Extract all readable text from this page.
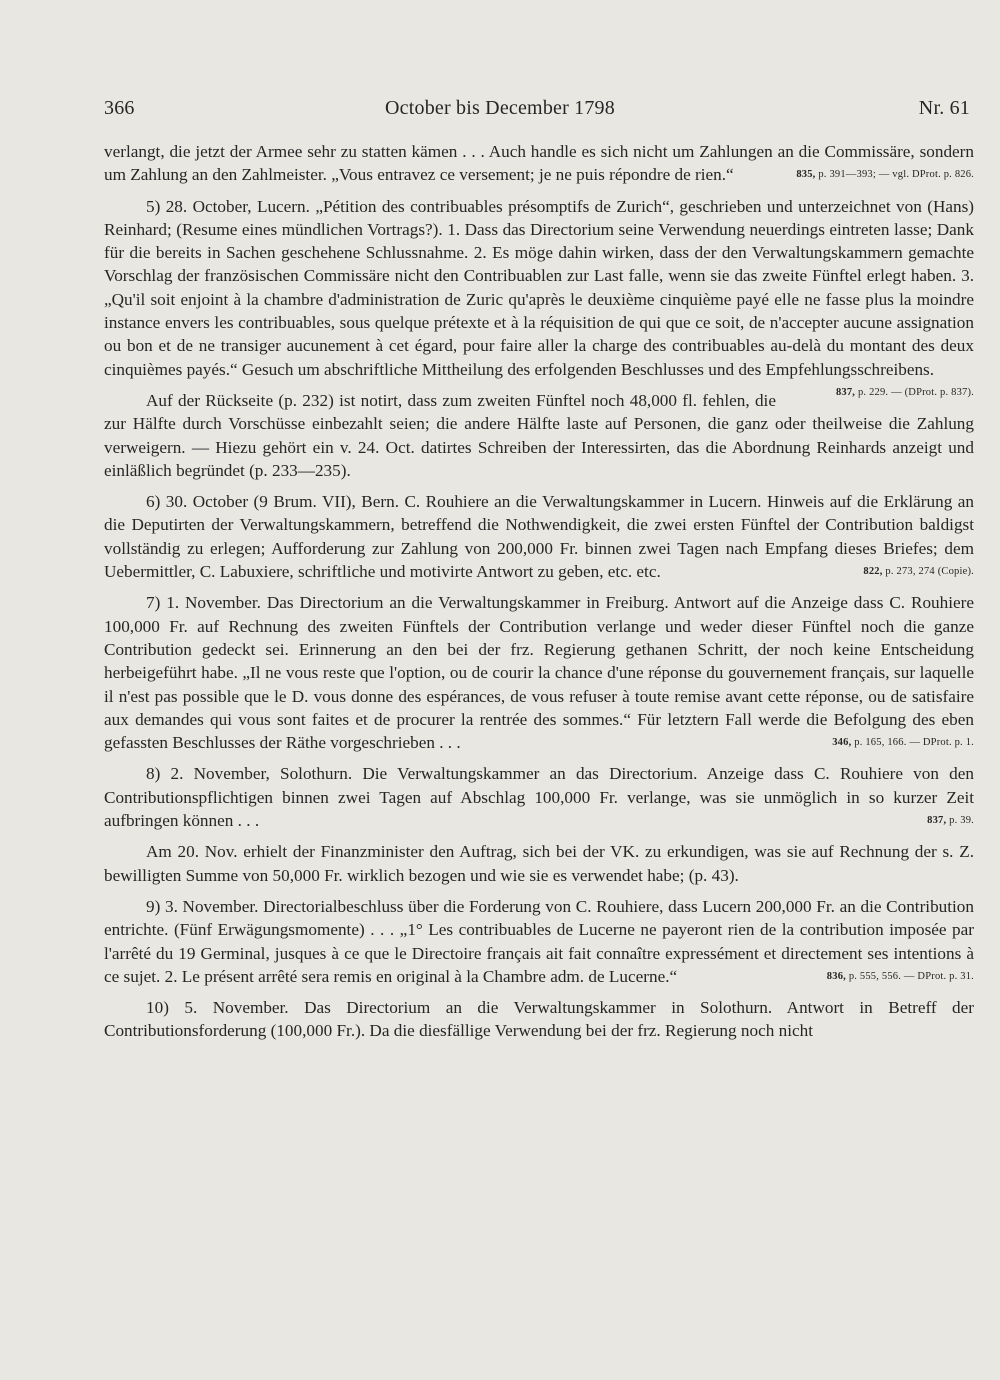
October bis December 1798
366	Nr. 61

verlangt, die jetzt der Armee sehr zu statten kämen . . . Auch handle es sich nicht um Zahlungen an die Commissäre, sondern um Zahlung an den Zahlmeister. „Vous entravez ce versement; je ne puis répondre de rien.“	835, p. 391—393; — vgl. DProt. p. 826.

5) 28. October, Lucern. „Pétition des contribuables présomptifs de Zurich“, geschrieben und unterzeichnet von (Hans) Reinhard; (Resume eines mündlichen Vortrags?). 1. Dass das Directorium seine Verwendung neuerdings eintreten lasse; Dank für die bereits in Sachen geschehene Schlussnahme. 2. Es möge dahin wirken, dass der den Verwaltungskammern gemachte Vorschlag der französischen Commissäre nicht den Contribuablen zur Last falle, wenn sie das zweite Fünftel erlegt haben. 3. „Qu'il soit enjoint à la chambre d'administration de Zuric qu'après le deuxième cinquième payé elle ne fasse plus la moindre instance envers les contribuables, sous quelque prétexte et à la réquisition de qui que ce soit, de n'accepter aucune assignation ou bon et de ne transiger aucunement à cet égard, pour faire aller la charge des contribuables au-delà du montant des deux cinquièmes payés.“ Gesuch um abschriftliche Mittheilung des erfolgenden Beschlusses und des Empfehlungsschreibens.
837, p. 229. — (DProt. p. 837).

Auf der Rückseite (p. 232) ist notirt, dass zum zweiten Fünftel noch 48,000 fl. fehlen, die zur Hälfte durch Vorschüsse einbezahlt seien; die andere Hälfte laste auf Personen, die ganz oder theilweise die Zahlung verweigern. — Hiezu gehört ein v. 24. Oct. datirtes Schreiben der Interessirten, das die Abordnung Reinhards anzeigt und einläßlich begründet (p. 233—235).

6) 30. October (9 Brum. VII), Bern. C. Rouhiere an die Verwaltungskammer in Lucern. Hinweis auf die Erklärung an die Deputirten der Verwaltungskammern, betreffend die Nothwendigkeit, die zwei ersten Fünftel der Contribution baldigst vollständig zu erlegen; Aufforderung zur Zahlung von 200,000 Fr. binnen zwei Tagen nach Empfang dieses Briefes; dem Uebermittler, C. Labuxiere, schriftliche und motivirte Antwort zu geben, etc. etc.	822, p. 273, 274 (Copie).

7) 1. November. Das Directorium an die Verwaltungskammer in Freiburg. Antwort auf die Anzeige dass C. Rouhiere 100,000 Fr. auf Rechnung des zweiten Fünftels der Contribution verlange und weder dieser Fünftel noch die ganze Contribution gedeckt sei. Erinnerung an den bei der frz. Regierung gethanen Schritt, der noch keine Entscheidung herbeigeführt habe. „Il ne vous reste que l'option, ou de courir la chance d'une réponse du gouvernement français, sur laquelle il n'est pas possible que le D. vous donne des espérances, de vous refuser à toute remise avant cette réponse, ou de satisfaire aux demandes qui vous sont faites et de procurer la rentrée des sommes.“ Für letztern Fall werde die Befolgung des eben gefassten Beschlusses der Räthe vorgeschrieben . . .	346, p. 165, 166. — DProt. p. 1.

8) 2. November, Solothurn. Die Verwaltungskammer an das Directorium. Anzeige dass C. Rouhiere von den Contributionspflichtigen binnen zwei Tagen auf Abschlag 100,000 Fr. verlange, was sie unmöglich in so kurzer Zeit aufbringen können . . .	837, p. 39.

Am 20. Nov. erhielt der Finanzminister den Auftrag, sich bei der VK. zu erkundigen, was sie auf Rechnung der s. Z. bewilligten Summe von 50,000 Fr. wirklich bezogen und wie sie es verwendet habe; (p. 43).

9) 3. November. Directorialbeschluss über die Forderung von C. Rouhiere, dass Lucern 200,000 Fr. an die Contribution entrichte. (Fünf Erwägungsmomente) . . . „1° Les contribuables de Lucerne ne payeront rien de la contribution imposée par l'arrêté du 19 Germinal, jusques à ce que le Directoire français ait fait connaître expressément et directement ses intentions à ce sujet. 2. Le présent arrêté sera remis en original à la Chambre adm. de Lucerne.“	836, p. 555, 556. — DProt. p. 31.

10) 5. November. Das Directorium an die Verwaltungskammer in Solothurn. Antwort in Betreff der Contributionsforderung (100,000 Fr.). Da die diesfällige Verwendung bei der frz. Regierung noch nicht
